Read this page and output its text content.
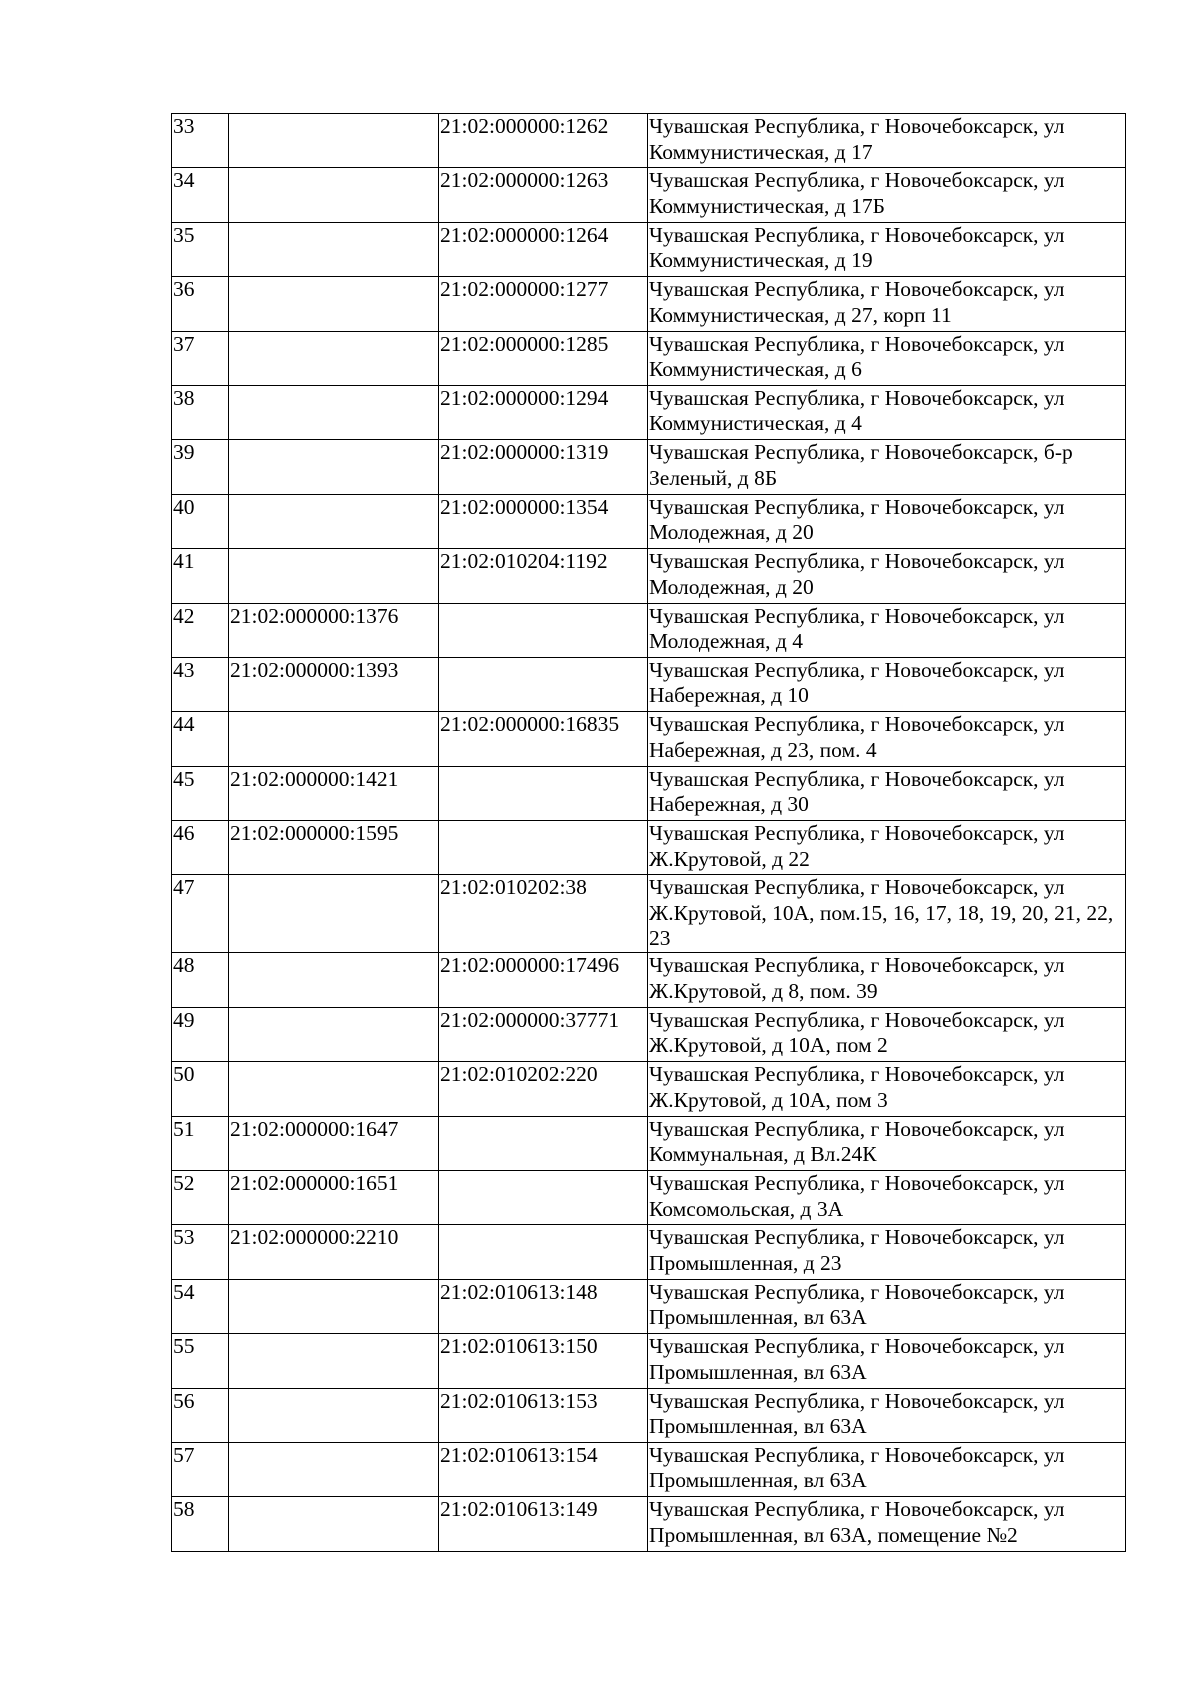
33		21:02:000000:1262	Чувашская Республика, г Новочебоксарск, ул Коммунистическая, д 17
34		21:02:000000:1263	Чувашская Республика, г Новочебоксарск, ул Коммунистическая, д 17Б
35		21:02:000000:1264	Чувашская Республика, г Новочебоксарск, ул Коммунистическая, д 19
36		21:02:000000:1277	Чувашская Республика, г Новочебоксарск, ул Коммунистическая, д 27, корп 11
37		21:02:000000:1285	Чувашская Республика, г Новочебоксарск, ул Коммунистическая, д 6
38		21:02:000000:1294	Чувашская Республика, г Новочебоксарск, ул Коммунистическая, д 4
39		21:02:000000:1319	Чувашская Республика, г Новочебоксарск, б-р Зеленый, д 8Б
40		21:02:000000:1354	Чувашская Республика, г Новочебоксарск, ул Молодежная, д 20
41		21:02:010204:1192	Чувашская Республика, г Новочебоксарск, ул Молодежная, д 20
42	21:02:000000:1376		Чувашская Республика, г Новочебоксарск, ул Молодежная, д 4
43	21:02:000000:1393		Чувашская Республика, г Новочебоксарск, ул Набережная, д 10
44		21:02:000000:16835	Чувашская Республика, г Новочебоксарск, ул Набережная, д 23, пом. 4
45	21:02:000000:1421		Чувашская Республика, г Новочебоксарск, ул Набережная, д 30
46	21:02:000000:1595		Чувашская Республика, г Новочебоксарск, ул Ж.Крутовой, д 22
47		21:02:010202:38	Чувашская Республика, г Новочебоксарск, ул Ж.Крутовой, 10А, пом.15, 16, 17, 18, 19, 20, 21, 22, 23
48		21:02:000000:17496	Чувашская Республика, г Новочебоксарск, ул Ж.Крутовой, д 8, пом. 39
49		21:02:000000:37771	Чувашская Республика, г Новочебоксарск, ул Ж.Крутовой, д 10А, пом 2
50		21:02:010202:220	Чувашская Республика, г Новочебоксарск, ул Ж.Крутовой, д 10А, пом 3
51	21:02:000000:1647		Чувашская Республика, г Новочебоксарск, ул Коммунальная, д Вл.24К
52	21:02:000000:1651		Чувашская Республика, г Новочебоксарск, ул Комсомольская, д 3А
53	21:02:000000:2210		Чувашская Республика, г Новочебоксарск, ул Промышленная, д 23
54		21:02:010613:148	Чувашская Республика, г Новочебоксарск, ул Промышленная, вл 63А
55		21:02:010613:150	Чувашская Республика, г Новочебоксарск, ул Промышленная, вл 63А
56		21:02:010613:153	Чувашская Республика, г Новочебоксарск, ул Промышленная, вл 63А
57		21:02:010613:154	Чувашская Республика, г Новочебоксарск, ул Промышленная, вл 63А
58		21:02:010613:149	Чувашская Республика, г Новочебоксарск, ул Промышленная, вл 63А, помещение №2
